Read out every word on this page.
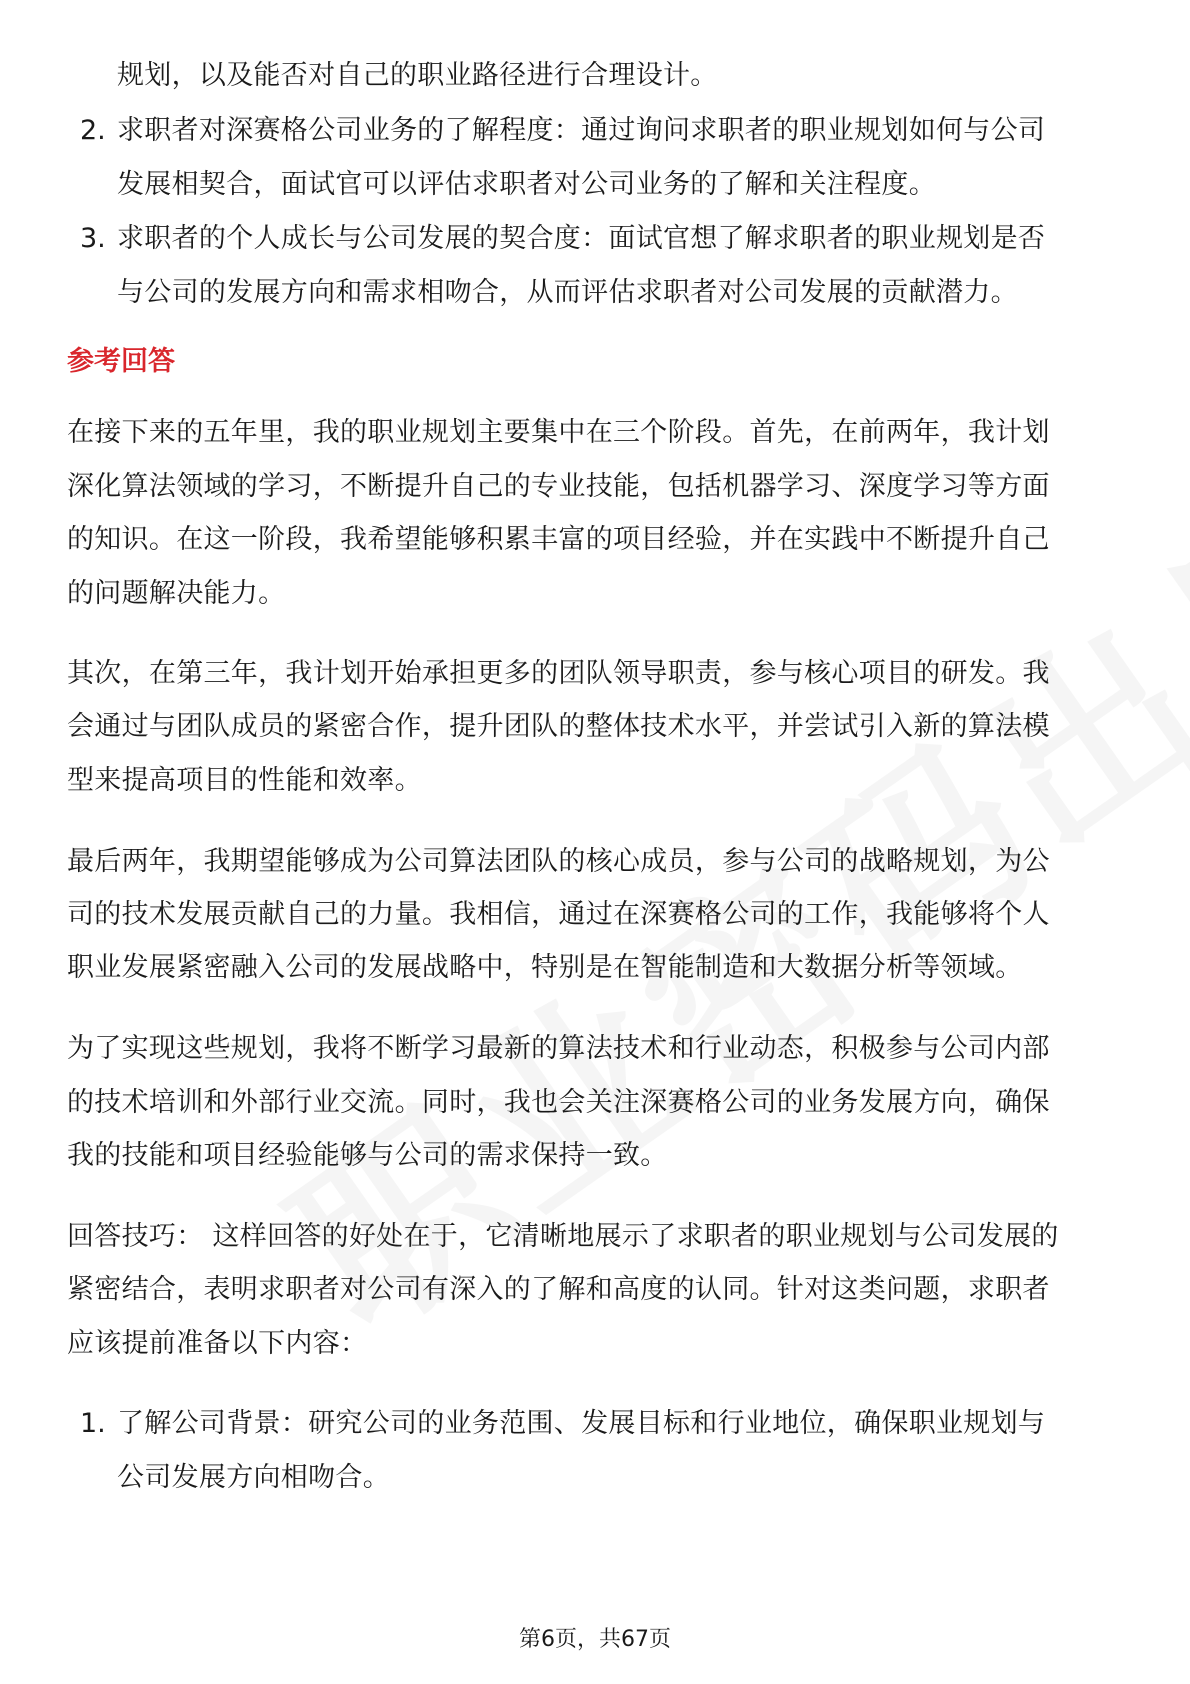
规划，以及能否对自己的职业路径进行合理设计。
2. 求职者对深赛格公司业务的了解程度：通过询问求职者的职业规划如何与公司
发展相契合，面试官可以评估求职者对公司业务的了解和关注程度。
3. 求职者的个人成长与公司发展的契合度：面试官想了解求职者的职业规划是否
与公司的发展方向和需求相吻合，从而评估求职者对公司发展的贡献潜力。
参考回答
在接下来的五年里，我的职业规划主要集中在三个阶段。首先，在前两年，我计划
深化算法领域的学习，不断提升自己的专业技能，包括机器学习、深度学习等方面
的知识。在这一阶段，我希望能够积累丰富的项目经验，并在实践中不断提升自己
的问题解决能力。
其次，在第三年，我计划开始承担更多的团队领导职责，参与核心项目的研发。我
会通过与团队成员的紧密合作，提升团队的整体技术水平，并尝试引入新的算法模
型来提高项目的性能和效率。
最后两年，我期望能够成为公司算法团队的核心成员，参与公司的战略规划，为公
司的技术发展贡献自己的力量。我相信，通过在深赛格公司的工作，我能够将个人
职业发展紧密融入公司的发展战略中，特别是在智能制造和大数据分析等领域。
为了实现这些规划，我将不断学习最新的算法技术和行业动态，积极参与公司内部
的技术培训和外部行业交流。同时，我也会关注深赛格公司的业务发展方向，确保
我的技能和项目经验能够与公司的需求保持一致。
回答技巧： 这样回答的好处在于，它清晰地展示了求职者的职业规划与公司发展的
紧密结合，表明求职者对公司有深入的了解和高度的认同。针对这类问题，求职者
应该提前准备以下内容：
1. 了解公司背景：研究公司的业务范围、发展目标和行业地位，确保职业规划与
公司发展方向相吻合。
第6页，共67页
